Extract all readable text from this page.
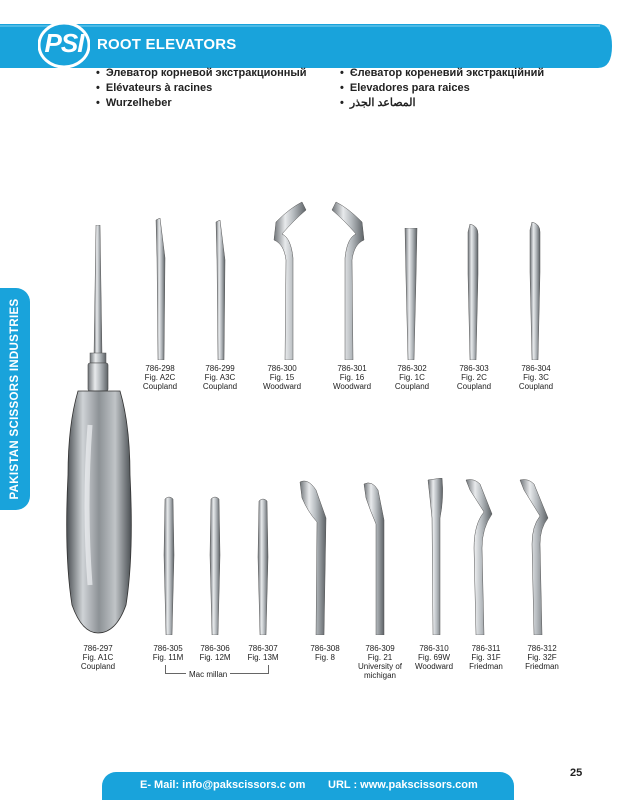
PSI ROOT ELEVATORS
• Элеватор корневой экстракционный
• Elévateurs à racines
• Wurzelheber
• Єлеватор кореневий экстракційний
• Elevadores para raices
• المصاعد الجذر
PAKISTAN SCISSORS INDUSTRIES	786-298
Fig. A2C
Coupland
786-299
Fig. A3C
Coupland
786-300
Fig. 15
Woodward
786-301
Fig. 16
Woodward
786-302
Fig. 1C
Coupland
786-303
Fig. 2C
Coupland
786-304
Fig. 3C
Coupland
786-297
Fig. A1C
Coupland
786-305
Fig. 11M
786-306
Fig. 12M
786-307
Fig. 13M
786-308
Fig. 8
786-309
Fig. 21
University of michigan
786-310
Fig. 69W
Woodward
786-311
Fig. 31F
Friedman
786-312
Fig. 32F
Friedman
Mac millan
E- Mail: info@pakscissors.c om URL : www.pakscissors.com
25
